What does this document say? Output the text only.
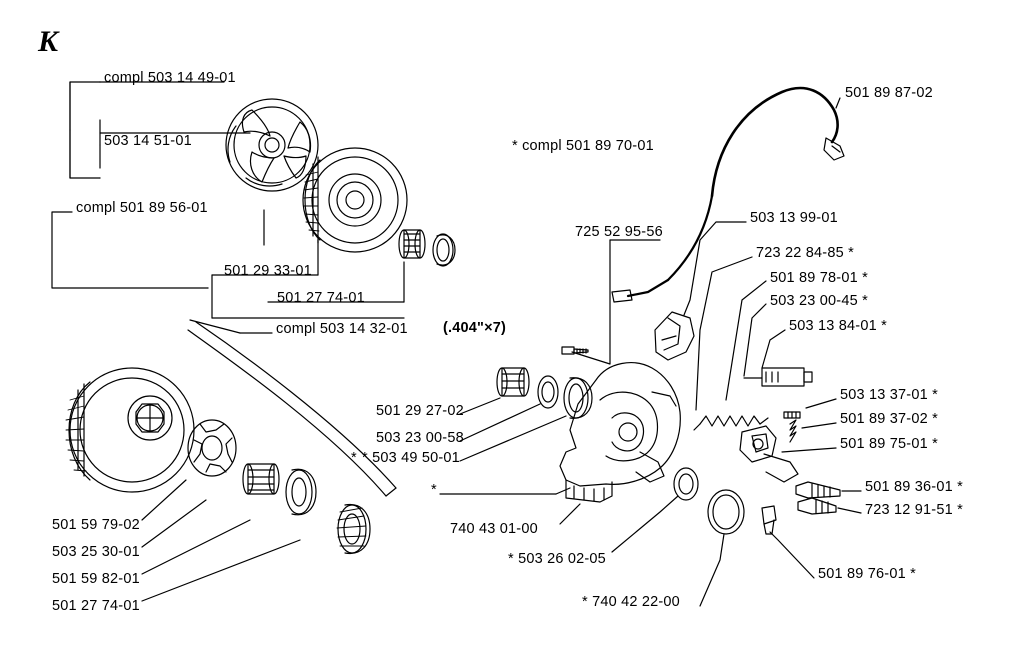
K
compl 503 14 49-01
503 14 51-01
compl 501 89 56-01
501 29 33-01
501 27 74-01
compl 503 14 32-01 (.404"×7)
501 29 27-02
503 23 00-58
* 503 49 50-01
501 59 79-02
503 25 30-01
501 59 82-01
501 27 74-01
* compl 501 89 70-01
501 89 87-02
725 52 95-56
503 13 99-01
723 22 84-85 *
501 89 78-01 *
503 23 00-45 *
503 13 84-01 *
503 13 37-01 *
501 89 37-02 *
501 89 75-01 *
501 89 36-01 *
723 12 91-51 *
*
740 43 01-00
* 503 26 02-05
* 740 42 22-00
501 89 76-01 *
*
